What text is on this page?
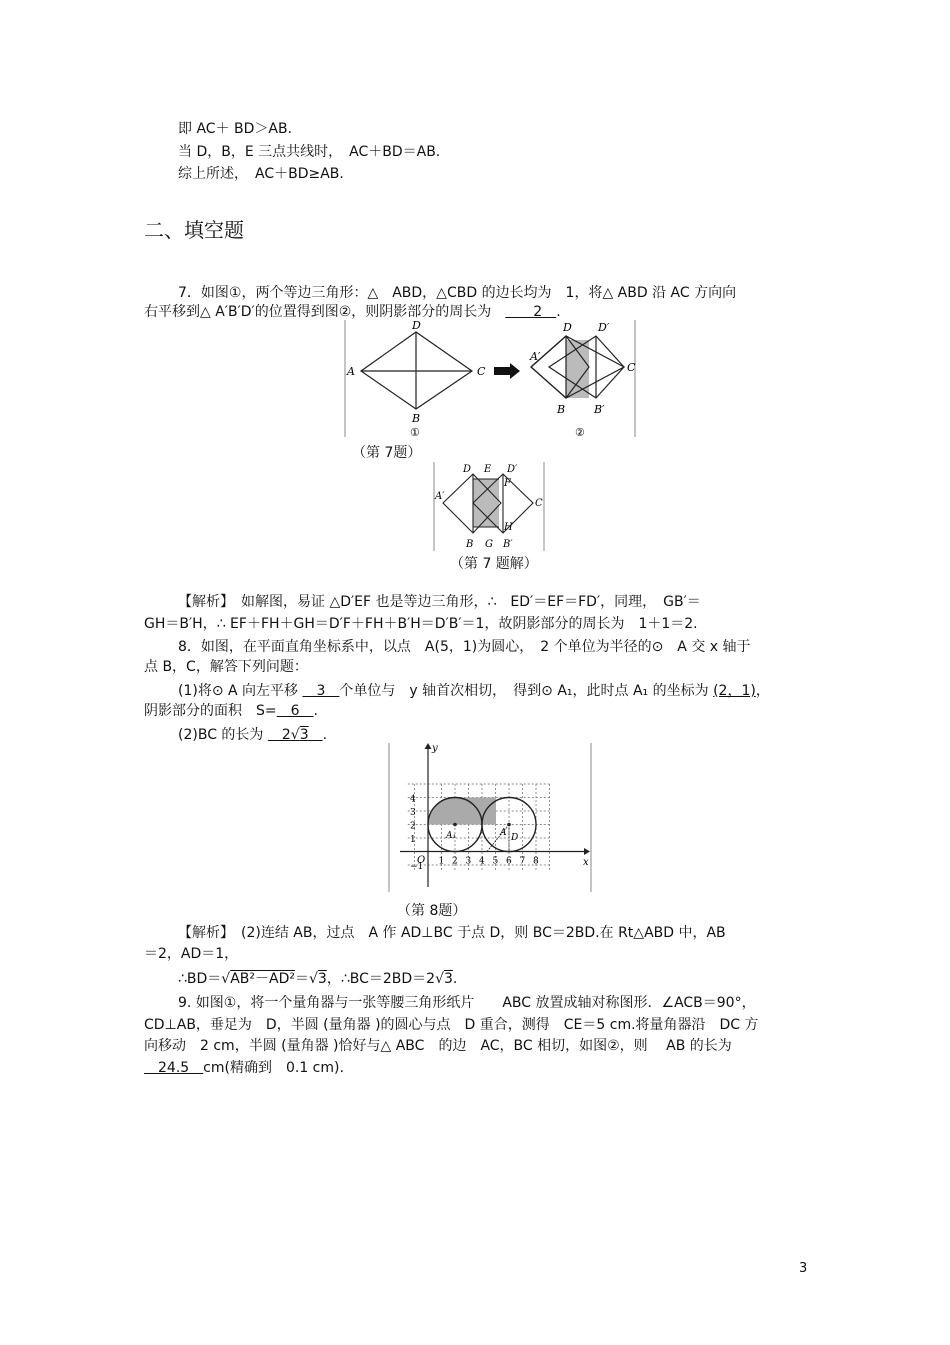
即 AC＋ BD＞AB．
当 D，B，E 三点共线时，　AC＋BD＝AB.
综上所述，　AC＋BD≥AB.
二、填空题
7．如图①，两个等边三角形：△　ABD，△CBD 的边长均为　1，将△ ABD 沿 AC 方向向
右平移到△ A′B′D′的位置得到图②，则阴影部分的周长为　　　2　 .
D
A	C
B
①
D D′
A′
C
B	B′
②
（第 7题）
D E D′
F
A′
C
H
B G B′
（第 7 题解）
【解析】　如解图，易证 △D′EF 也是等边三角形，∴　ED′＝EF＝FD′，同理，　GB′＝
GH＝B′H，∴ EF＋FH＋GH＝D′F＋FH＋B′H＝D′B′＝1，故阴影部分的周长为　1＋1＝2.
8．如图，在平面直角坐标系中，以点　A(5，1)为圆心，　2 个单位为半径的⊙　A 交 x 轴于
点 B，C，解答下列问题：
(1)将⊙ A 向左平移 　3　个单位与　y 轴首次相切，　得到⊙ A₁，此时点 A₁ 的坐标为 (2，1)，
阴影部分的面积　S=　6　.
(2)BC 的长为 　2√3　 .
4
3
2
1
−1
1 2 3 4 5 6 7 8
y
x
O
A₁	A D
（第 8题）
【解析】　(2)连结 AB，过点　A 作 AD⊥BC 于点 D，则 BC＝2BD.在 Rt△ABD 中，AB
＝2，AD＝1，
∴BD＝√AB²－AD²＝√3，∴BC＝2BD＝2√3.
9. 如图①，将一个量角器与一张等腰三角形纸片　　ABC 放置成轴对称图形．∠ACB＝90°，
CD⊥AB，垂足为　D，半圆 (量角器 )的圆心与点　D 重合，测得　CE＝5 cm.将量角器沿　DC 方
向移动　2 cm，半圆 (量角器 )恰好与△ ABC　的边　AC，BC 相切，如图②，则　 AB 的长为
　24.5　cm(精确到　0.1 cm).
3
